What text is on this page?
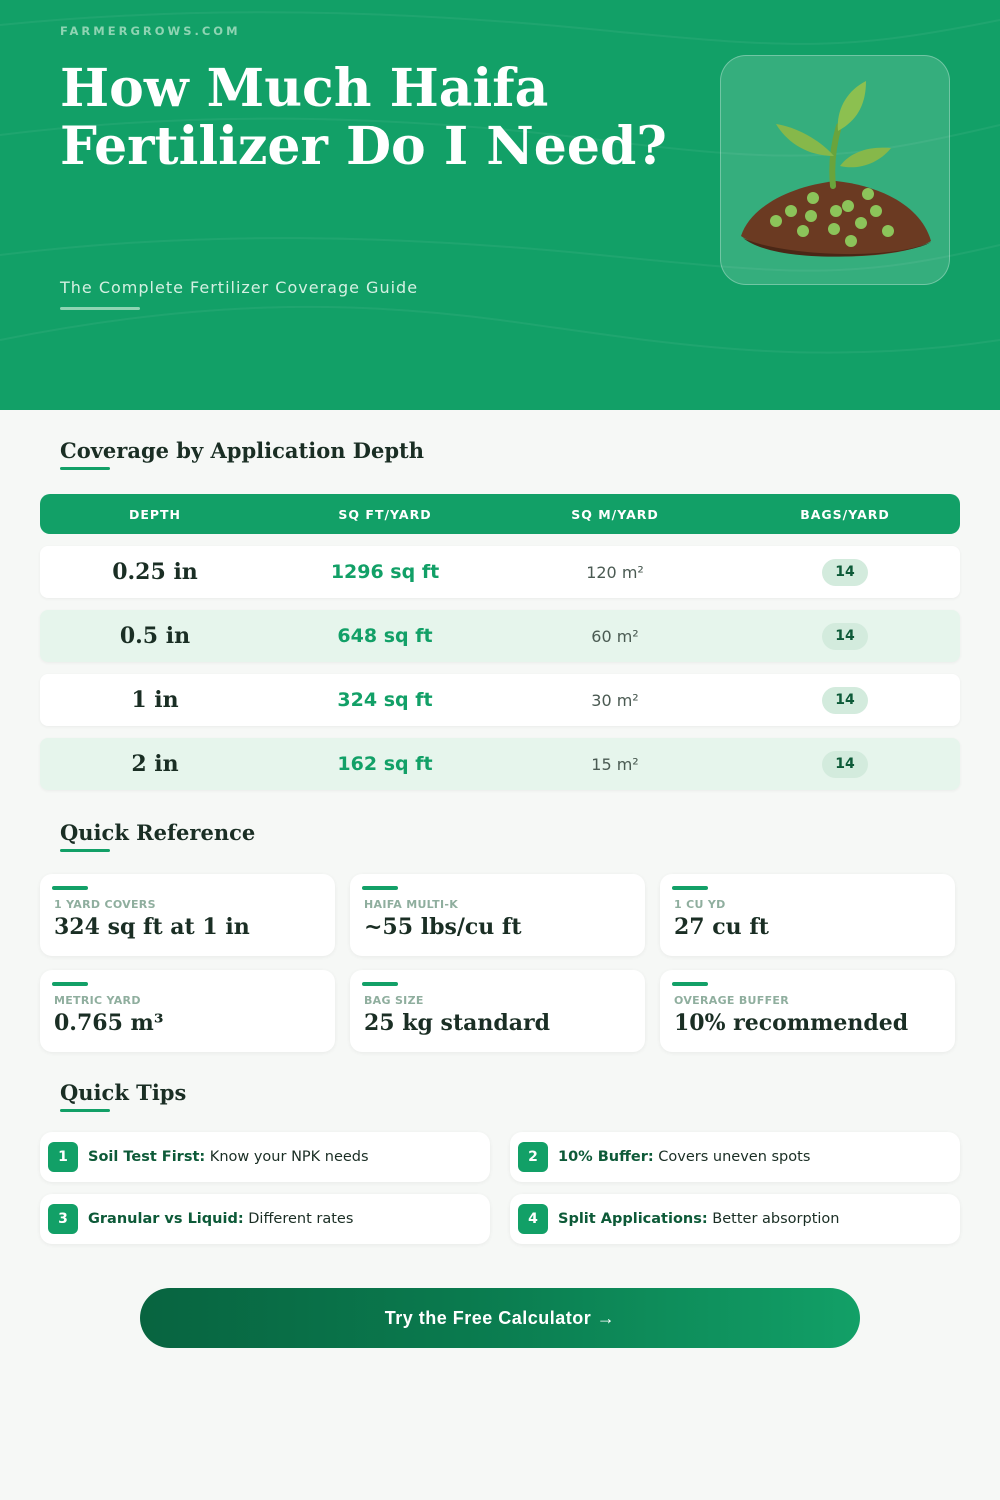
FARMERGROWS.COM
How Much Haifa Fertilizer Do I Need?
The Complete Fertilizer Coverage Guide
Coverage by Application Depth
DEPTH	SQ FT/YARD	SQ M/YARD	BAGS/YARD
0.25 in	1296 sq ft	120 m²	14
0.5 in	648 sq ft	60 m²	14
1 in	324 sq ft	30 m²	14
2 in	162 sq ft	15 m²	14
Quick Reference
1 YARD COVERS
324 sq ft at 1 in
HAIFA MULTI-K
~55 lbs/cu ft
1 CU YD
27 cu ft
METRIC YARD
0.765 m³
BAG SIZE
25 kg standard
OVERAGE BUFFER
10% recommended
Quick Tips
1	Soil Test First: Know your NPK needs	2	10% Buffer: Covers uneven spots
3	Granular vs Liquid: Different rates	4	Split Applications: Better absorption
Try the Free Calculator →
